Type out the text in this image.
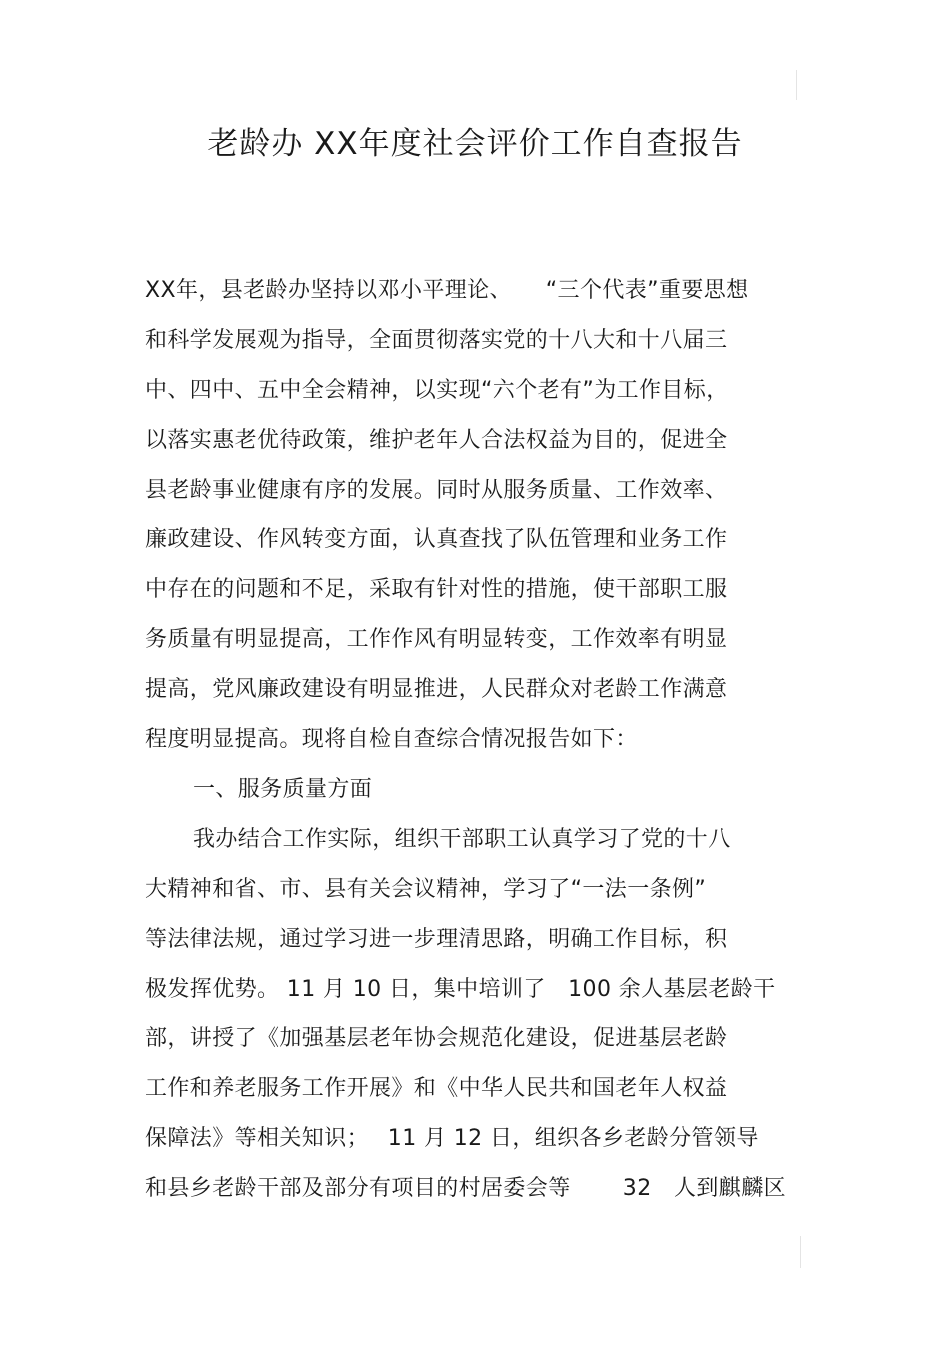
老龄办 XX年度社会评价工作自查报告
XX年，县老龄办坚持以邓小平理论、　　“三个代表”重要思想
和科学发展观为指导，全面贯彻落实党的十八大和十八届三
中、四中、五中全会精神，以实现“六个老有”为工作目标，
以落实惠老优待政策，维护老年人合法权益为目的，促进全
县老龄事业健康有序的发展。同时从服务质量、工作效率、
廉政建设、作风转变方面，认真查找了队伍管理和业务工作
中存在的问题和不足，采取有针对性的措施，使干部职工服
务质量有明显提高，工作作风有明显转变，工作效率有明显
提高，党风廉政建设有明显推进，人民群众对老龄工作满意
程度明显提高。现将自检自查综合情况报告如下：
一、服务质量方面
我办结合工作实际，组织干部职工认真学习了党的十八
大精神和省、市、县有关会议精神，学习了“一法一条例”
等法律法规，通过学习进一步理清思路，明确工作目标，积
极发挥优势。 11 月 10 日，集中培训了　100 余人基层老龄干
部，讲授了《加强基层老年协会规范化建设，促进基层老龄
工作和养老服务工作开展》和《中华人民共和国老年人权益
保障法》等相关知识；　 11 月 12 日，组织各乡老龄分管领导
和县乡老龄干部及部分有项目的村居委会等　　 32　人到麒麟区
